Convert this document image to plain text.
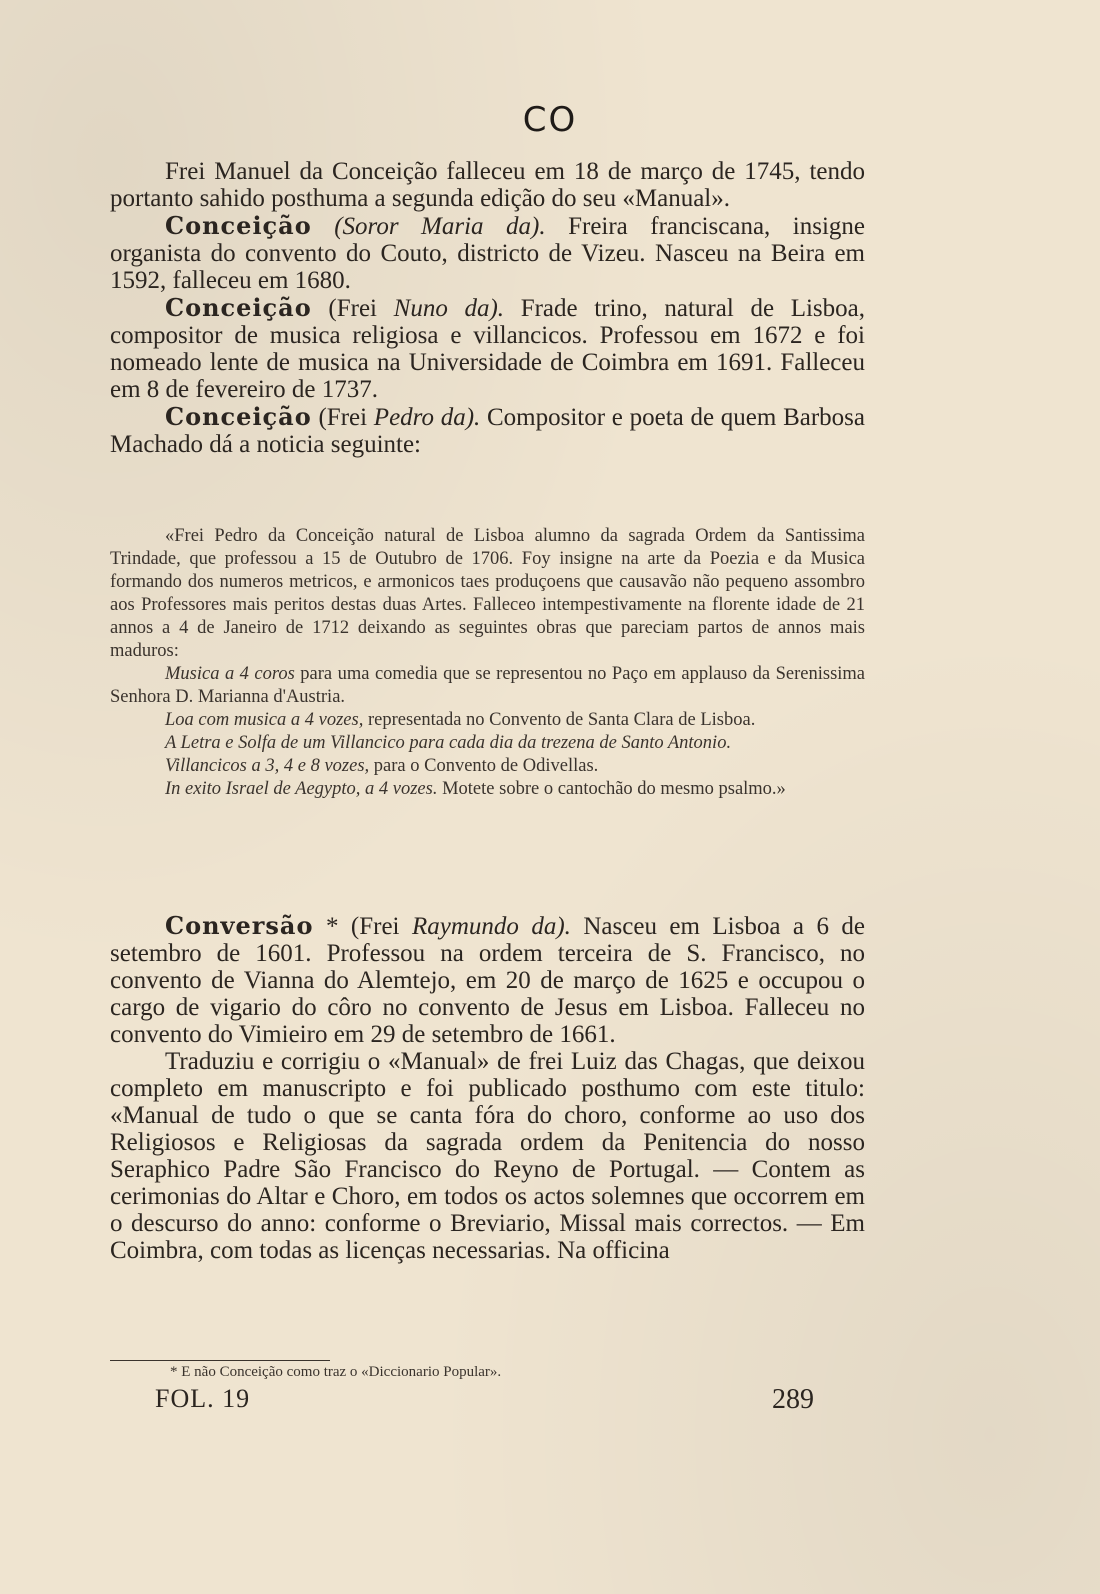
CO

Frei Manuel da Conceição falleceu em 18 de março de 1745, tendo portanto sahido posthuma a segunda edição do seu «Manual».

Conceição (Soror Maria da). Freira franciscana, insigne organista do convento do Couto, districto de Vizeu. Nasceu na Beira em 1592, falleceu em 1680.

Conceição (Frei Nuno da). Frade trino, natural de Lisboa, compositor de musica religiosa e villancicos. Professou em 1672 e foi nomeado lente de musica na Universidade de Coimbra em 1691. Falleceu em 8 de fevereiro de 1737.

Conceição (Frei Pedro da). Compositor e poeta de quem Barbosa Machado dá a noticia seguinte:

«Frei Pedro da Conceição natural de Lisboa alumno da sagrada Ordem da Santissima Trindade, que professou a 15 de Outubro de 1706. Foy insigne na arte da Poezia e da Musica formando dos numeros metricos, e armonicos taes produçoens que causavão não pequeno assombro aos Professores mais peritos destas duas Artes. Falleceo intempestivamente na florente idade de 21 annos a 4 de Janeiro de 1712 deixando as seguintes obras que pareciam partos de annos mais maduros:

Musica a 4 coros para uma comedia que se representou no Paço em applauso da Serenissima Senhora D. Marianna d'Austria.

Loa com musica a 4 vozes, representada no Convento de Santa Clara de Lisboa.

A Letra e Solfa de um Villancico para cada dia da trezena de Santo Antonio.

Villancicos a 3, 4 e 8 vozes, para o Convento de Odivellas.

In exito Israel de Aegypto, a 4 vozes. Motete sobre o cantochão do mesmo psalmo.»

Conversão * (Frei Raymundo da). Nasceu em Lisboa a 6 de setembro de 1601. Professou na ordem terceira de S. Francisco, no convento de Vianna do Alemtejo, em 20 de março de 1625 e occupou o cargo de vigario do côro no convento de Jesus em Lisboa. Falleceu no convento do Vimieiro em 29 de setembro de 1661.

Traduziu e corrigiu o «Manual» de frei Luiz das Chagas, que deixou completo em manuscripto e foi publicado posthumo com este titulo: «Manual de tudo o que se canta fóra do choro, conforme ao uso dos Religiosos e Religiosas da sagrada ordem da Penitencia do nosso Seraphico Padre São Francisco do Reyno de Portugal. — Contem as cerimonias do Altar e Choro, em todos os actos solemnes que occorrem em o descurso do anno: conforme o Breviario, Missal mais correctos. — Em Coimbra, com todas as licenças necessarias. Na officina

* E não Conceição como traz o «Diccionario Popular».
FOL. 19	289
